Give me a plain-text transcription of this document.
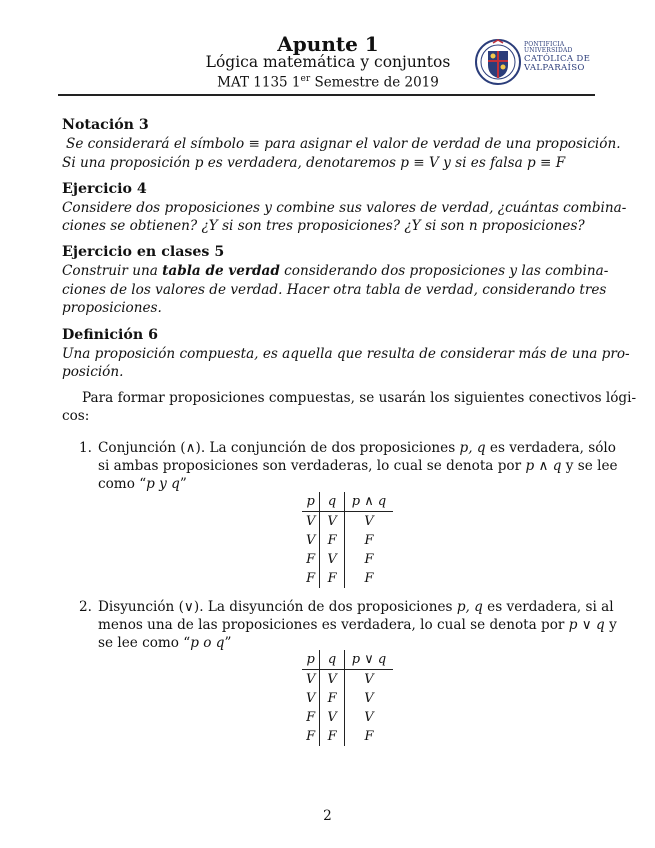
Apunte 1
Lógica matemática y conjuntos
MAT 1135 1er Semestre de 2019
PONTIFICIA
UNIVERSIDAD
CATÓLICA DE
VALPARAÍSO
Notación 3
Se considerará el símbolo ≡ para asignar el valor de verdad de una proposición.
Si una proposición p es verdadera, denotaremos p ≡ V y si es falsa p ≡ F
Ejercicio 4
Considere dos proposiciones y combine sus valores de verdad, ¿cuántas combina-
ciones se obtienen? ¿Y si son tres proposiciones? ¿Y si son n proposiciones?
Ejercicio en clases 5
Construir una tabla de verdad considerando dos proposiciones y las combina-
ciones de los valores de verdad. Hacer otra tabla de verdad, considerando tres
proposiciones.
Definición 6
Una proposición compuesta, es aquella que resulta de considerar más de una pro-
posición.
Para formar proposiciones compuestas, se usarán los siguientes conectivos lógi-
cos:
1. Conjunción (∧). La conjunción de dos proposiciones p, q es verdadera, sólo
si ambas proposiciones son verdaderas, lo cual se denota por p ∧ q y se lee
como “p y q”
p	q	p ∧ q
V	V	V
V	F	F
F	V	F
F	F	F
2. Disyunción (∨). La disyunción de dos proposiciones p, q es verdadera, si al
menos una de las proposiciones es verdadera, lo cual se denota por p ∨ q y
se lee como “p o q”
p	q	p ∨ q
V	V	V
V	F	V
F	V	V
F	F	F
2
